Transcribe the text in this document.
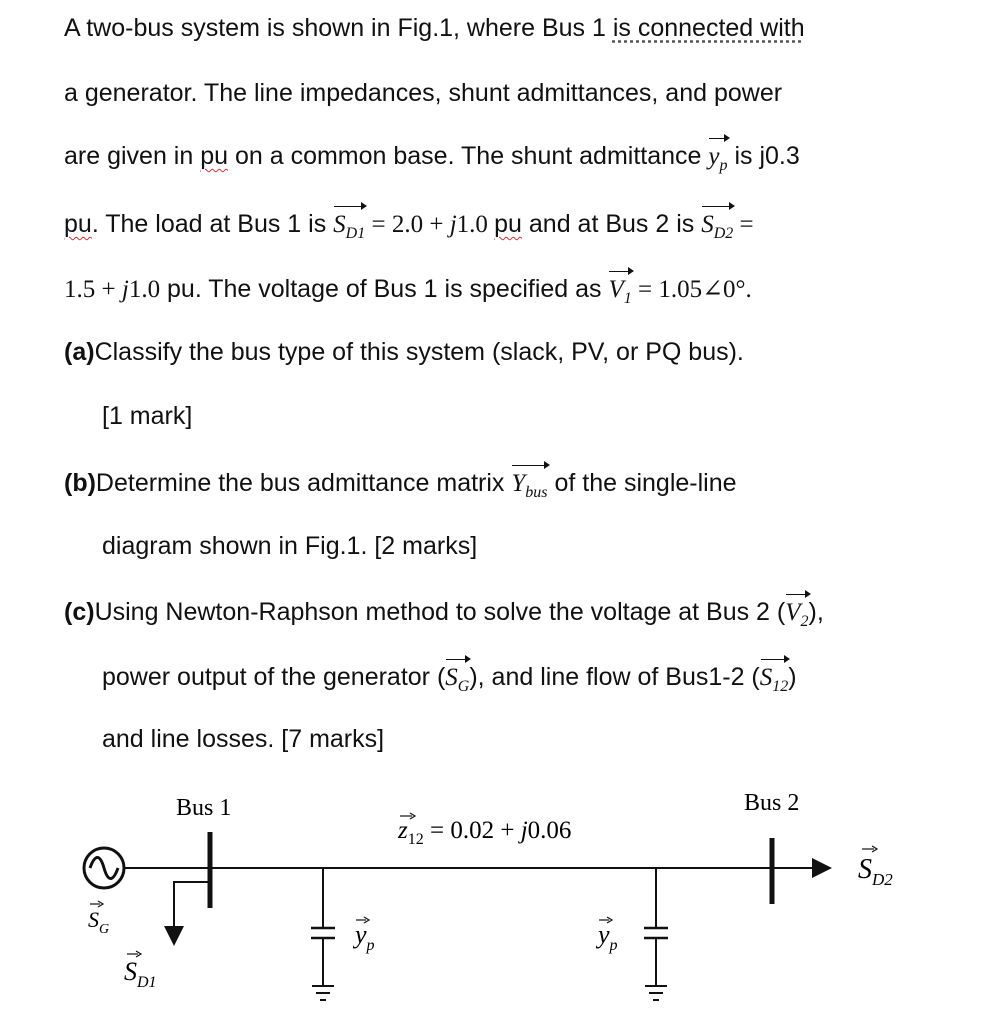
A two-bus system is shown in Fig.1, where Bus 1 is connected with
a generator. The line impedances, shunt admittances, and power
are given in pu on a common base. The shunt admittance $y_p$ is j0.3
pu. The load at Bus 1 is $S_{D1} = 2.0 + j1.0$ pu and at Bus 2 is $S_{D2}$ =
1.5 + j1.0 pu. The voltage of Bus 1 is specified as $V_1$ = 1.05∠0°.
(a)Classify the bus type of this system (slack, PV, or PQ bus).
[1 mark]
(b)Determine the bus admittance matrix $Y_{bus}$ of the single-line
diagram shown in Fig.1. [2 marks]
(c)Using Newton-Raphson method to solve the voltage at Bus 2 $(V_2)$,
power output of the generator $(S_G)$, and line flow of Bus1-2 $(S_{12})$
and line losses. [7 marks]
Bus 1
$z_{12} = 0.02 + j0.06$
$y_p$	$y_p$
Bus 2
$S_{D2}$
$S_G$
$S_{D1}$
